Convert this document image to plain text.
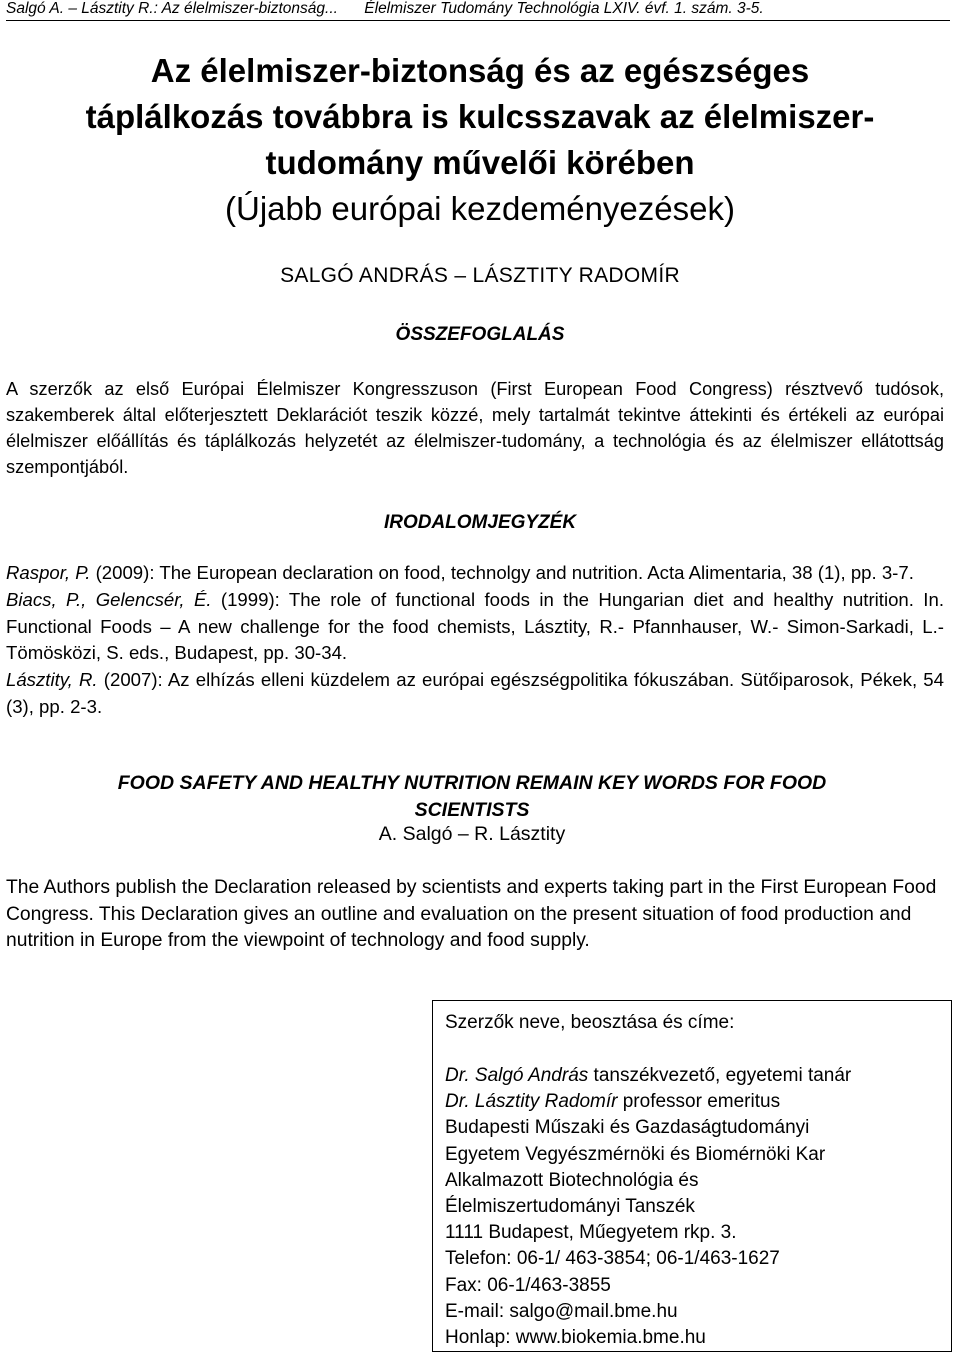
Salgó A. – Lásztity R.: Az élelmiszer-biztonság... Élelmiszer Tudomány Technológia LXIV. évf. 1. szám. 3-5.
Az élelmiszer-biztonság és az egészséges
táplálkozás továbbra is kulcsszavak az élelmiszer-
tudomány művelői körében
(Újabb európai kezdeményezések)
SALGÓ ANDRÁS – LÁSZTITY RADOMÍR
ÖSSZEFOGLALÁS

A szerzők az első Európai Élelmiszer Kongresszuson (First European Food Congress) résztvevő tudósok, szakemberek által előterjesztett Deklarációt teszik közzé, mely tartalmát tekintve áttekinti és értékeli az európai élelmiszer előállítás és táplálkozás helyzetét az élelmiszer-tudomány, a technológia és az élelmiszer ellátottság szempontjából.

IRODALOMJEGYZÉK

Raspor, P. (2009): The European declaration on food, technolgy and nutrition. Acta Alimentaria, 38 (1), pp. 3-7.

Biacs, P., Gelencsér, É. (1999): The role of functional foods in the Hungarian diet and healthy nutrition. In. Functional Foods – A new challenge for the food chemists, Lásztity, R.- Pfannhauser, W.- Simon-Sarkadi, L.- Tömösközi, S. eds., Budapest, pp. 30-34.

Lásztity, R. (2007): Az elhízás elleni küzdelem az európai egészségpolitika fókuszában. Sütőiparosok, Pékek, 54 (3), pp. 2-3.

FOOD SAFETY AND HEALTHY NUTRITION REMAIN KEY WORDS FOR FOOD
SCIENTISTS
A. Salgó – R. Lásztity

The Authors publish the Declaration released by scientists and experts taking part in the First European Food Congress. This Declaration gives an outline and evaluation on the present situation of food production and nutrition in Europe from the viewpoint of technology and food supply.

Szerzők neve, beosztása és címe:
Dr. Salgó András tanszékvezető, egyetemi tanár
Dr. Lásztity Radomír professor emeritus
Budapesti Műszaki és Gazdaságtudományi
Egyetem Vegyészmérnöki és Biomérnöki Kar
Alkalmazott Biotechnológia és
Élelmiszertudományi Tanszék
1111 Budapest, Műegyetem rkp. 3.
Telefon: 06-1/ 463-3854; 06-1/463-1627
Fax: 06-1/463-3855
E-mail: salgo@mail.bme.hu
Honlap: www.biokemia.bme.hu
